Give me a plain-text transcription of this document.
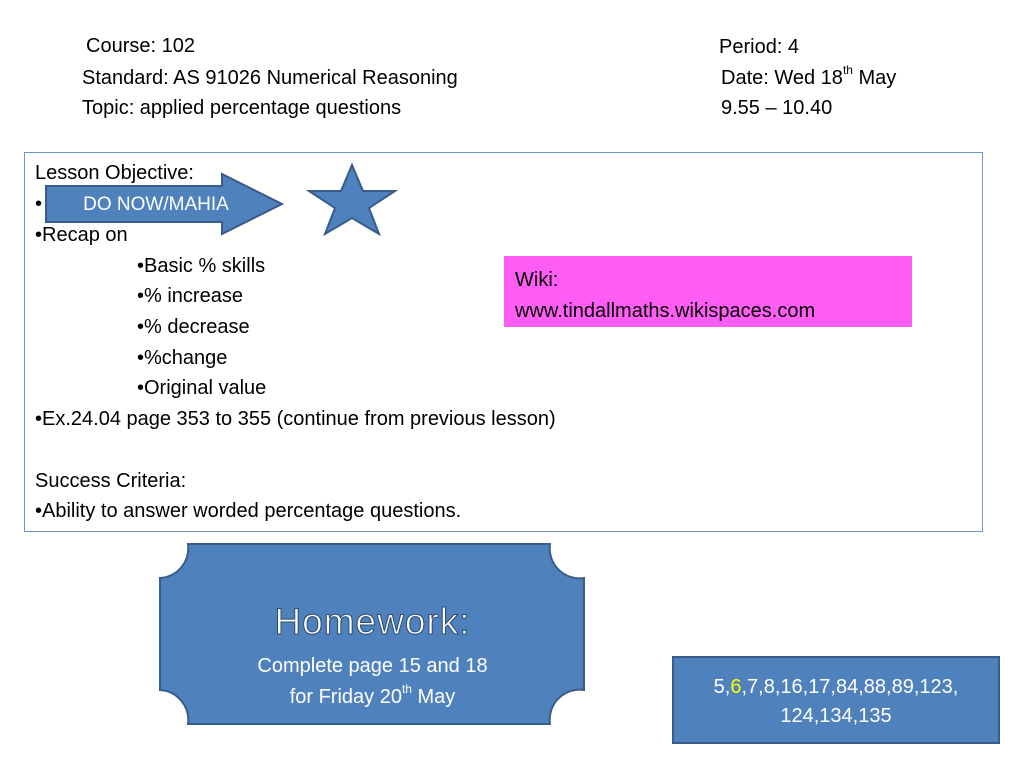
Course: 102
Standard: AS 91026 Numerical Reasoning
Topic: applied percentage questions
Period: 4
Date: Wed 18th May
9.55 – 10.40
Lesson Objective:
•	DO NOW/MAHIA
•Recap on
•Basic % skills
•% increase
•% decrease
•%change
•Original value
•Ex.24.04 page 353 to 355 (continue from previous lesson)
Success Criteria:
•Ability to answer worded percentage questions.
Wiki:
www.tindallmaths.wikispaces.com
Homework:
Complete page 15 and 18
for Friday 20th May	5,6,7,8,16,17,84,88,89,123,
124,134,135
